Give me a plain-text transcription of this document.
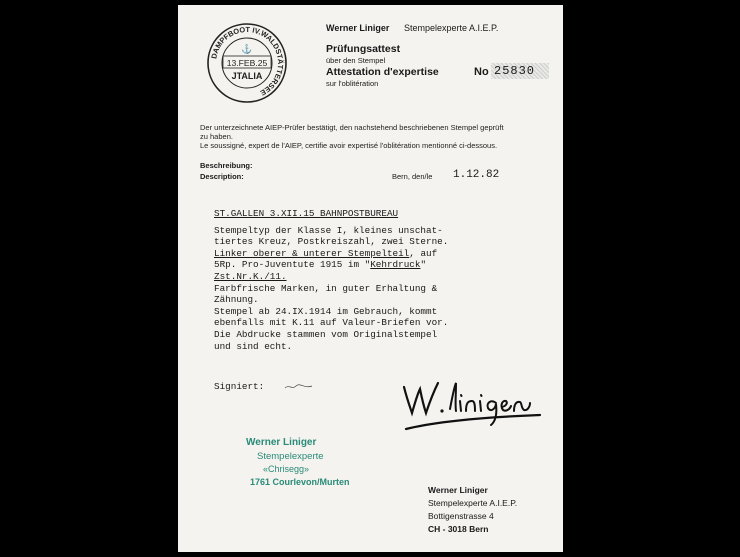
DAMPFBOOT IV.WALDSTÄTTERSEE
⚓
13.FEB.25
JTALIA
Werner Liniger Stempelexperte A.I.E.P.
Prüfungsattest
über den Stempel
Attestation d'expertise
sur l'oblitération
No 25830
Der unterzeichnete AIEP-Prüfer bestätigt, den nachstehend beschriebenen Stempel geprüft
zu haben.
Le soussigné, expert de l'AIEP, certifie avoir expertisé l'oblitération mentionné ci-dessous.
Beschreibung:
Description:	Bern, den/le 1.12.82
ST.GALLEN 3.XII.15 BAHNPOSTBUREAU
Stempeltyp der Klasse I, kleines unschat-
tiertes Kreuz, Postkreiszahl, zwei Sterne.
Linker oberer & unterer Stempelteil, auf
5Rp. Pro-Juventute 1915 im "Kehrdruck"
Zst.Nr.K./11.
Farbfrische Marken, in guter Erhaltung &
Zähnung.
Stempel ab 24.IX.1914 im Gebrauch, kommt
ebenfalls mit K.11 auf Valeur-Briefen vor.
Die Abdrucke stammen vom Originalstempel
und sind echt.
Signiert:
Werner Liniger
Stempelexperte
«Chrisegg»
1761 Courlevon/Murten
Werner Liniger
Stempelexperte A.I.E.P.
Bottigenstrasse 4
CH - 3018 Bern
